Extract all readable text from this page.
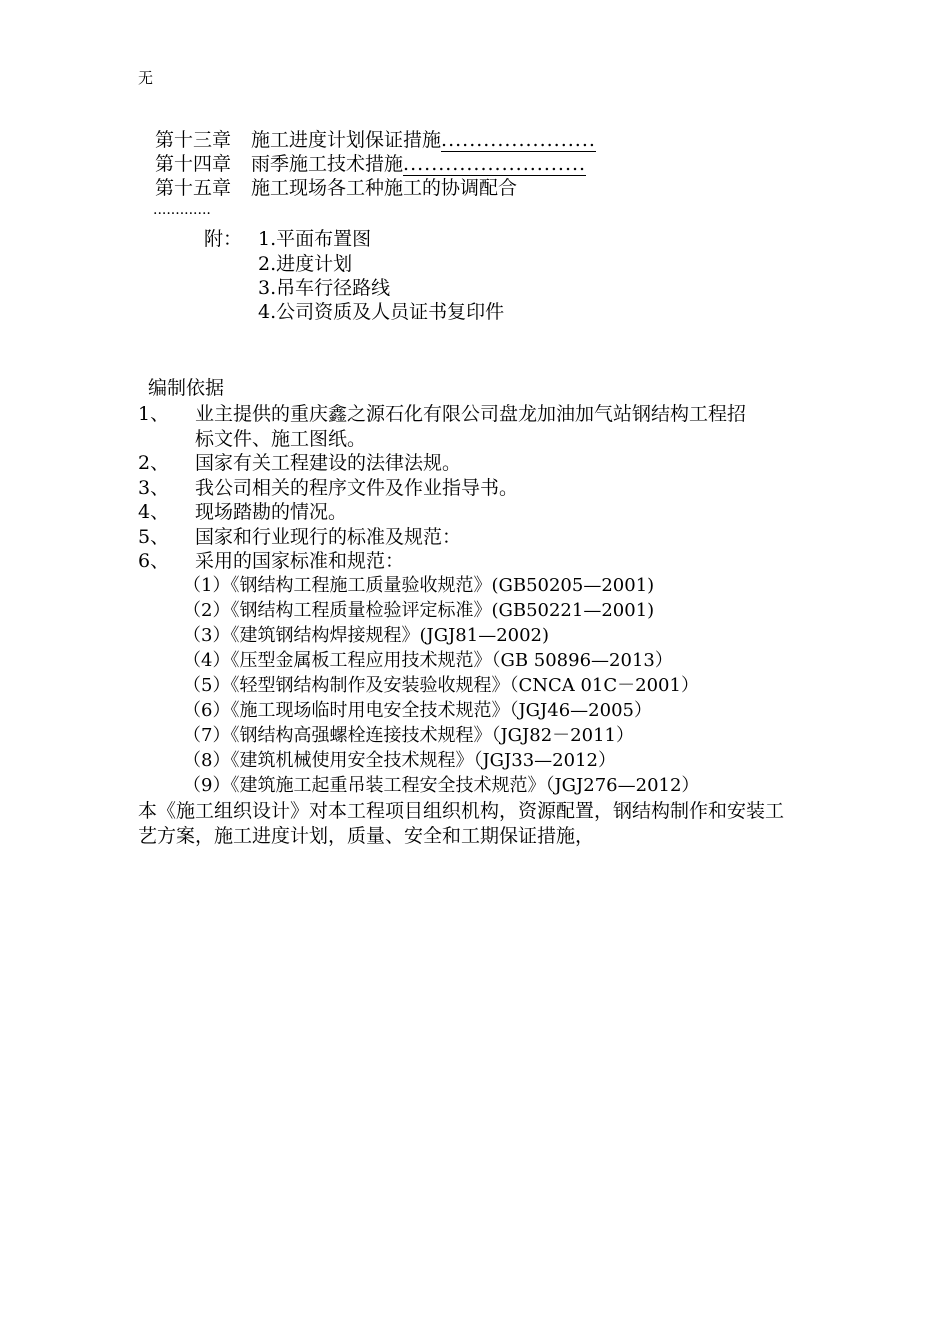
无
第十三章 施工进度计划保证措施......................
第十四章 雨季施工技术措施..........................
第十五章 施工现场各工种施工的协调配合
.............
附： 1.平面布置图
2.进度计划
3.吊车行径路线
4.公司资质及人员证书复印件
编制依据
1、 业主提供的重庆鑫之源石化有限公司盘龙加油加气站钢结构工程招
标文件、施工图纸。
2、 国家有关工程建设的法律法规。
3、 我公司相关的程序文件及作业指导书。
4、 现场踏勘的情况。
5、 国家和行业现行的标准及规范：
6、 采用的国家标准和规范：
（1）《钢结构工程施工质量验收规范》(GB50205—2001)
（2）《钢结构工程质量检验评定标准》(GB50221—2001)
（3）《建筑钢结构焊接规程》(JGJ81—2002)
（4）《压型金属板工程应用技术规范》（GB 50896—2013）
（5）《轻型钢结构制作及安装验收规程》（CNCA 01C－2001）
（6）《施工现场临时用电安全技术规范》（JGJ46—2005）
（7）《钢结构高强螺栓连接技术规程》（JGJ82－2011）
（8）《建筑机械使用安全技术规程》（JGJ33—2012）
（9）《建筑施工起重吊装工程安全技术规范》（JGJ276—2012）
本《施工组织设计》对本工程项目组织机构，资源配置，钢结构制作和安装工
艺方案，施工进度计划，质量、安全和工期保证措施，
